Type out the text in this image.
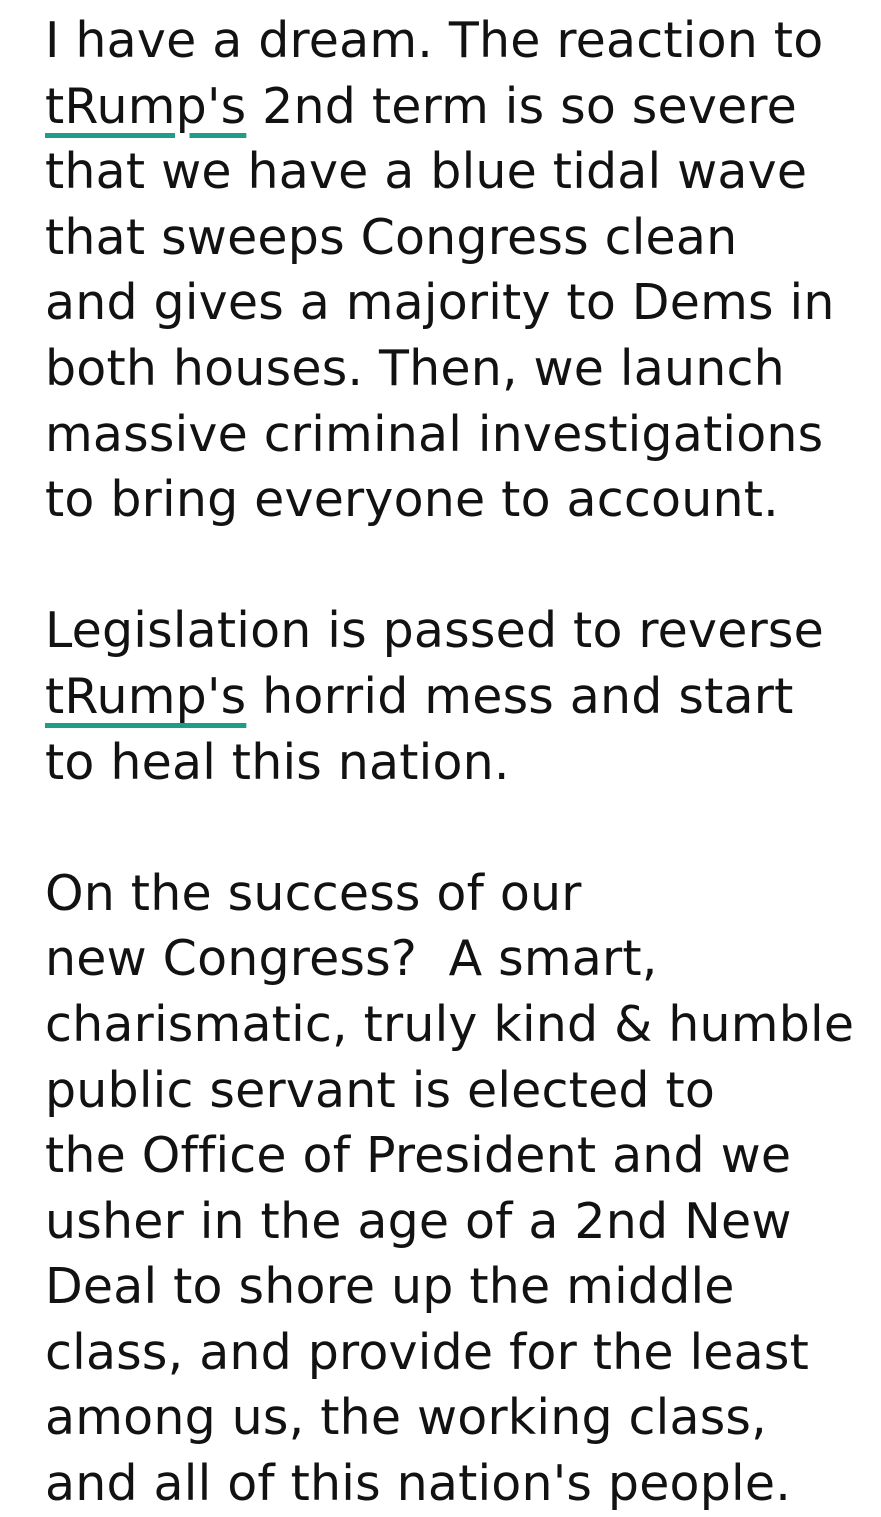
I have a dream. The reaction to
tRump's 2nd term is so severe
that we have a blue tidal wave
that sweeps Congress clean
and gives a majority to Dems in
both houses. Then, we launch
massive criminal investigations
to bring everyone to account.
Legislation is passed to reverse
tRump's horrid mess and start
to heal this nation.
On the success of our
new Congress?  A smart,
charismatic, truly kind & humble
public servant is elected to
the Office of President and we
usher in the age of a 2nd New
Deal to shore up the middle
class, and provide for the least
among us, the working class,
and all of this nation's people.
